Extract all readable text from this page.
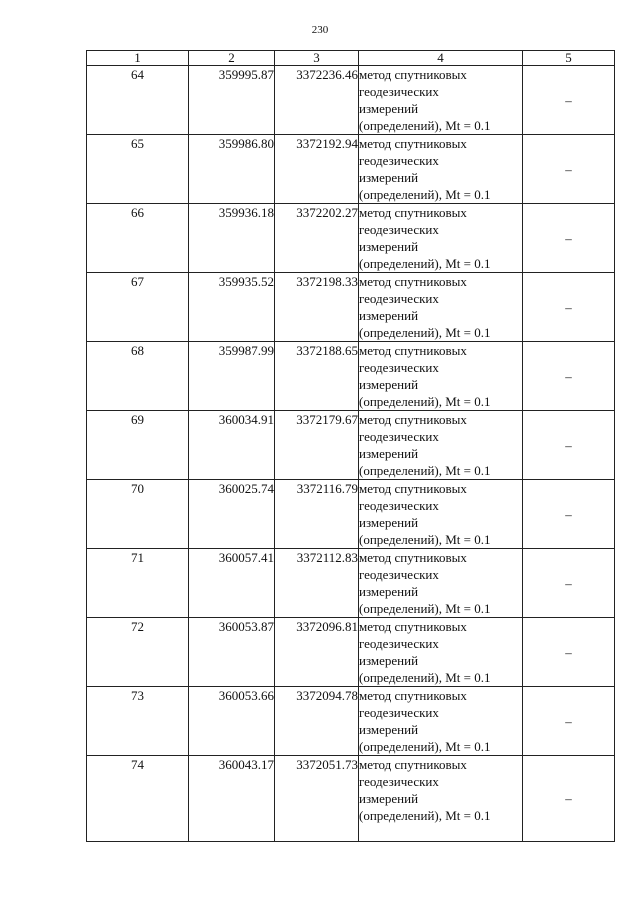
230
1	2	3	4	5
64	359995.87	3372236.46	метод спутниковых
геодезических
измерений
(определений), Mt = 0.1	–
65	359986.80	3372192.94	метод спутниковых
геодезических
измерений
(определений), Mt = 0.1	–
66	359936.18	3372202.27	метод спутниковых
геодезических
измерений
(определений), Mt = 0.1	–
67	359935.52	3372198.33	метод спутниковых
геодезических
измерений
(определений), Mt = 0.1	–
68	359987.99	3372188.65	метод спутниковых
геодезических
измерений
(определений), Mt = 0.1	–
69	360034.91	3372179.67	метод спутниковых
геодезических
измерений
(определений), Mt = 0.1	–
70	360025.74	3372116.79	метод спутниковых
геодезических
измерений
(определений), Mt = 0.1	–
71	360057.41	3372112.83	метод спутниковых
геодезических
измерений
(определений), Mt = 0.1	–
72	360053.87	3372096.81	метод спутниковых
геодезических
измерений
(определений), Mt = 0.1	–
73	360053.66	3372094.78	метод спутниковых
геодезических
измерений
(определений), Mt = 0.1	–
74	360043.17	3372051.73	метод спутниковых
геодезических
измерений
(определений), Mt = 0.1	–
